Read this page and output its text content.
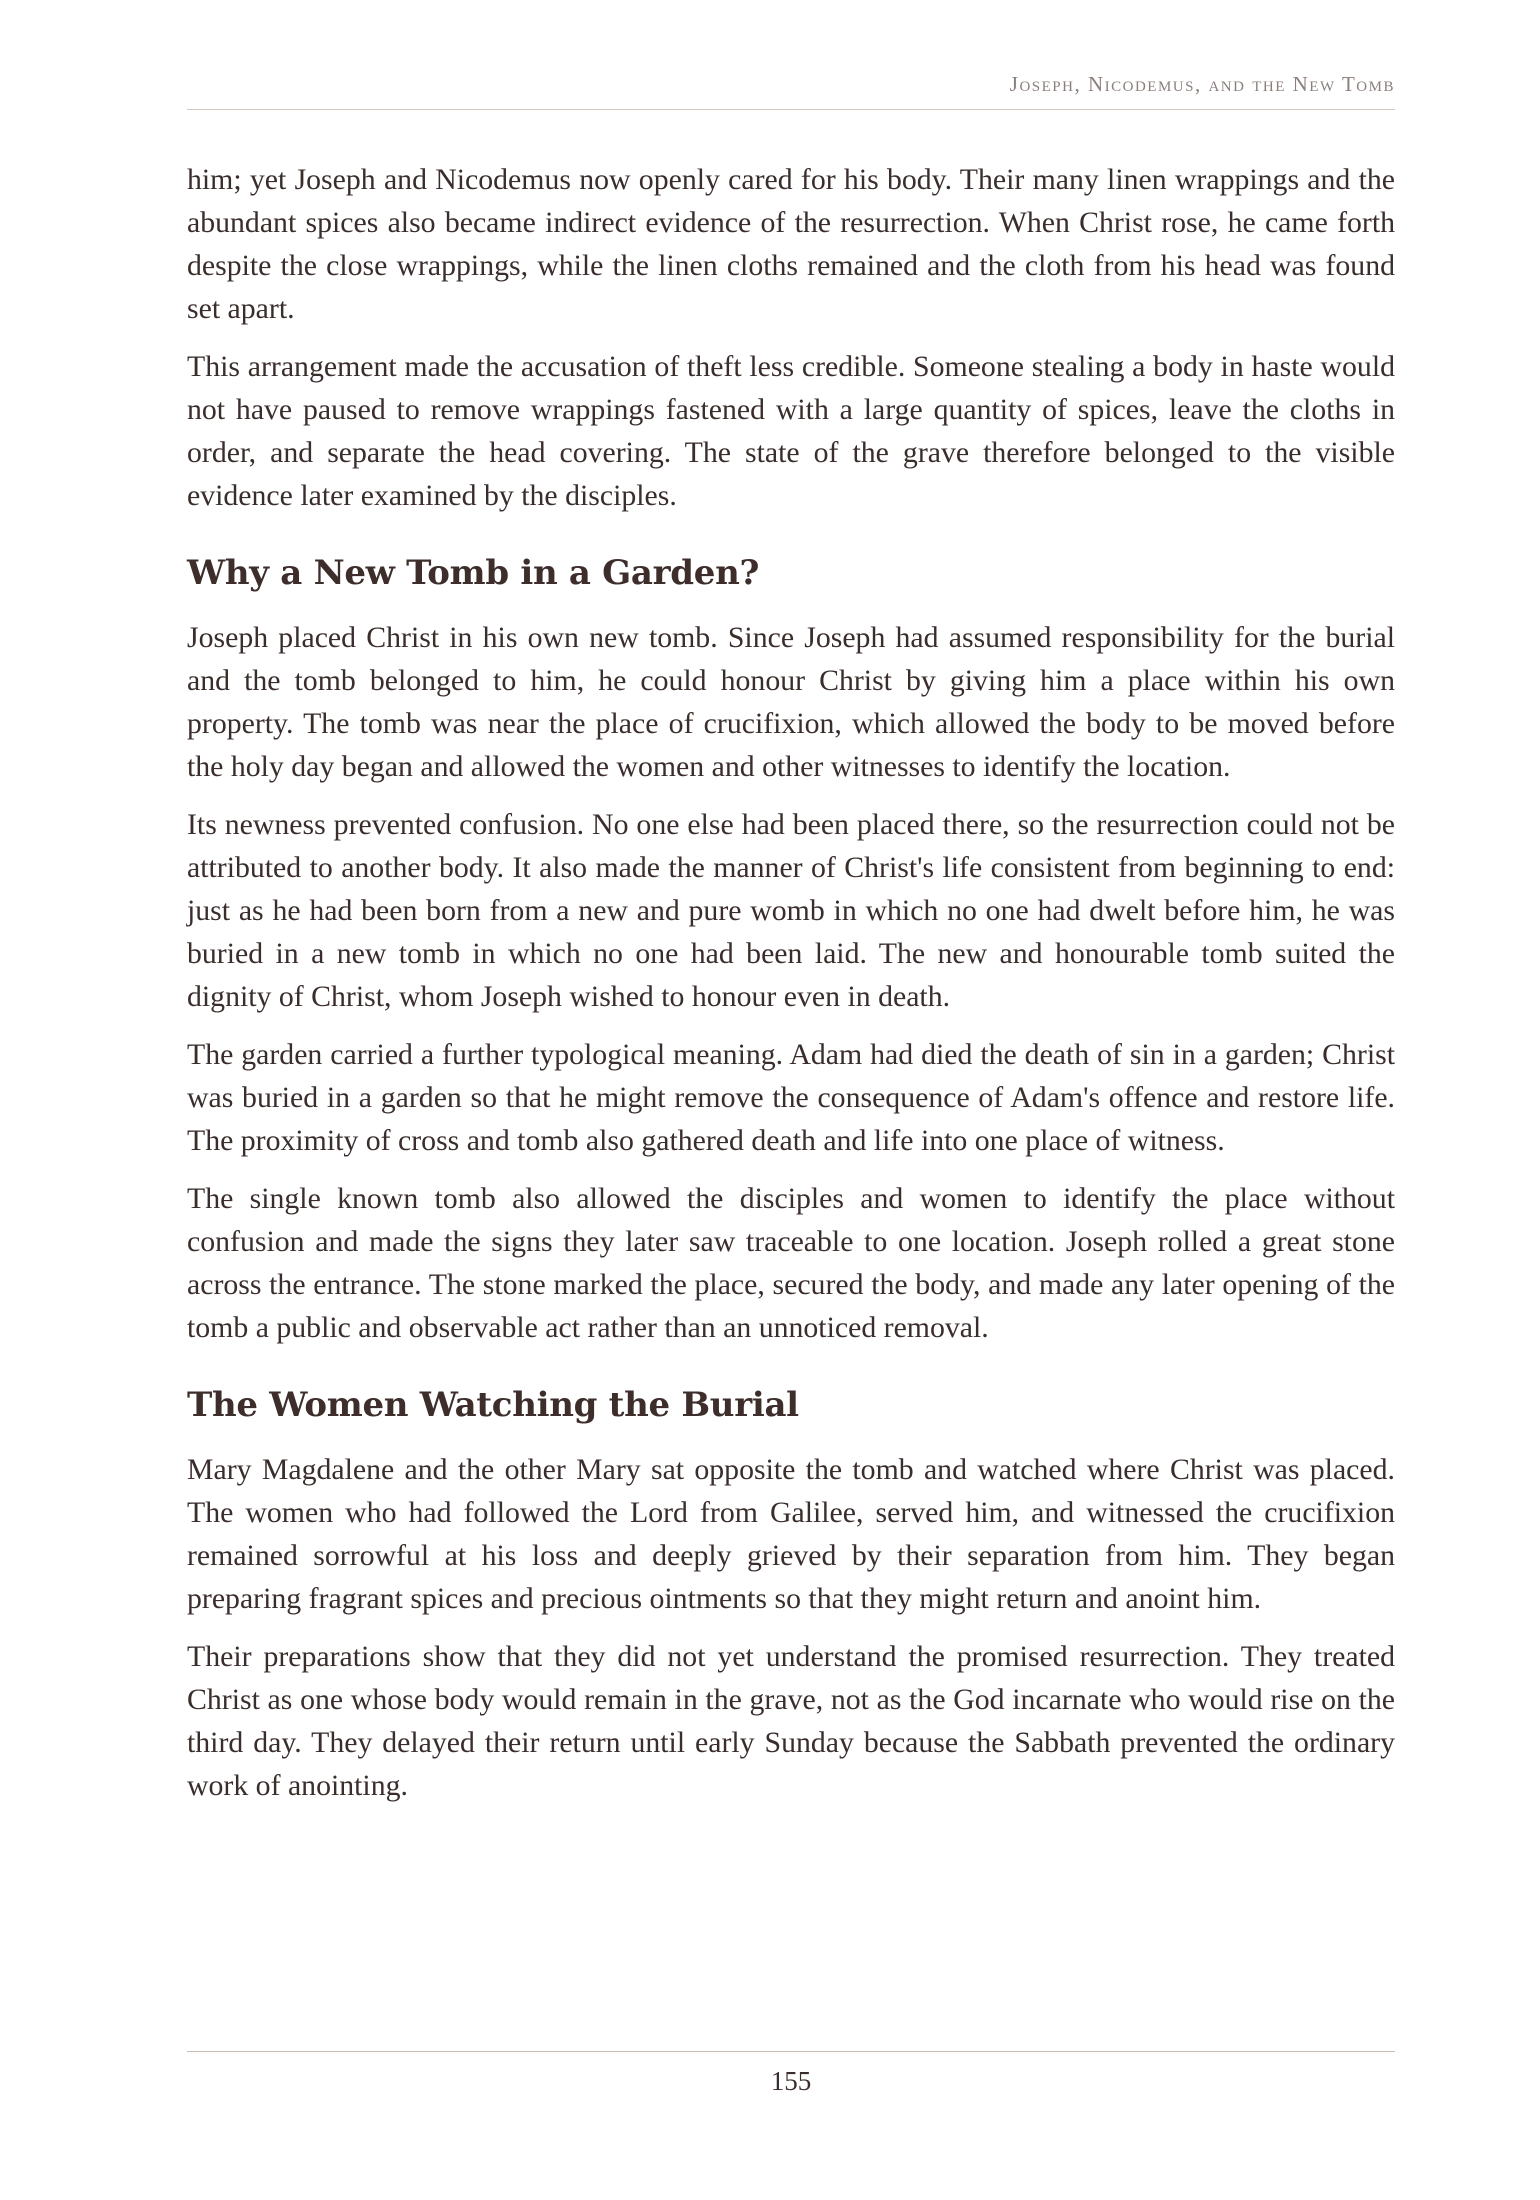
Joseph, Nicodemus, and the New Tomb

him; yet Joseph and Nicodemus now openly cared for his body. Their many linen wrappings and the abundant spices also became indirect evidence of the resurrection. When Christ rose, he came forth despite the close wrappings, while the linen cloths remained and the cloth from his head was found set apart.

This arrangement made the accusation of theft less credible. Someone stealing a body in haste would not have paused to remove wrappings fastened with a large quantity of spices, leave the cloths in order, and separate the head covering. The state of the grave therefore belonged to the visible evidence later examined by the disciples.

Why a New Tomb in a Garden?

Joseph placed Christ in his own new tomb. Since Joseph had assumed responsibility for the burial and the tomb belonged to him, he could honour Christ by giving him a place within his own property. The tomb was near the place of crucifixion, which allowed the body to be moved before the holy day began and allowed the women and other witnesses to identify the location.

Its newness prevented confusion. No one else had been placed there, so the resurrection could not be attributed to another body. It also made the manner of Christ's life consistent from beginning to end: just as he had been born from a new and pure womb in which no one had dwelt before him, he was buried in a new tomb in which no one had been laid. The new and honourable tomb suited the dignity of Christ, whom Joseph wished to honour even in death.

The garden carried a further typological meaning. Adam had died the death of sin in a garden; Christ was buried in a garden so that he might remove the consequence of Adam's offence and restore life. The proximity of cross and tomb also gathered death and life into one place of witness.

The single known tomb also allowed the disciples and women to identify the place without confusion and made the signs they later saw traceable to one location. Joseph rolled a great stone across the entrance. The stone marked the place, secured the body, and made any later opening of the tomb a public and observable act rather than an unnoticed removal.

The Women Watching the Burial

Mary Magdalene and the other Mary sat opposite the tomb and watched where Christ was placed. The women who had followed the Lord from Galilee, served him, and witnessed the crucifixion remained sorrowful at his loss and deeply grieved by their separation from him. They began preparing fragrant spices and precious ointments so that they might return and anoint him.

Their preparations show that they did not yet understand the promised resurrection. They treated Christ as one whose body would remain in the grave, not as the God incarnate who would rise on the third day. They delayed their return until early Sunday because the Sabbath prevented the ordinary work of anointing.

155
